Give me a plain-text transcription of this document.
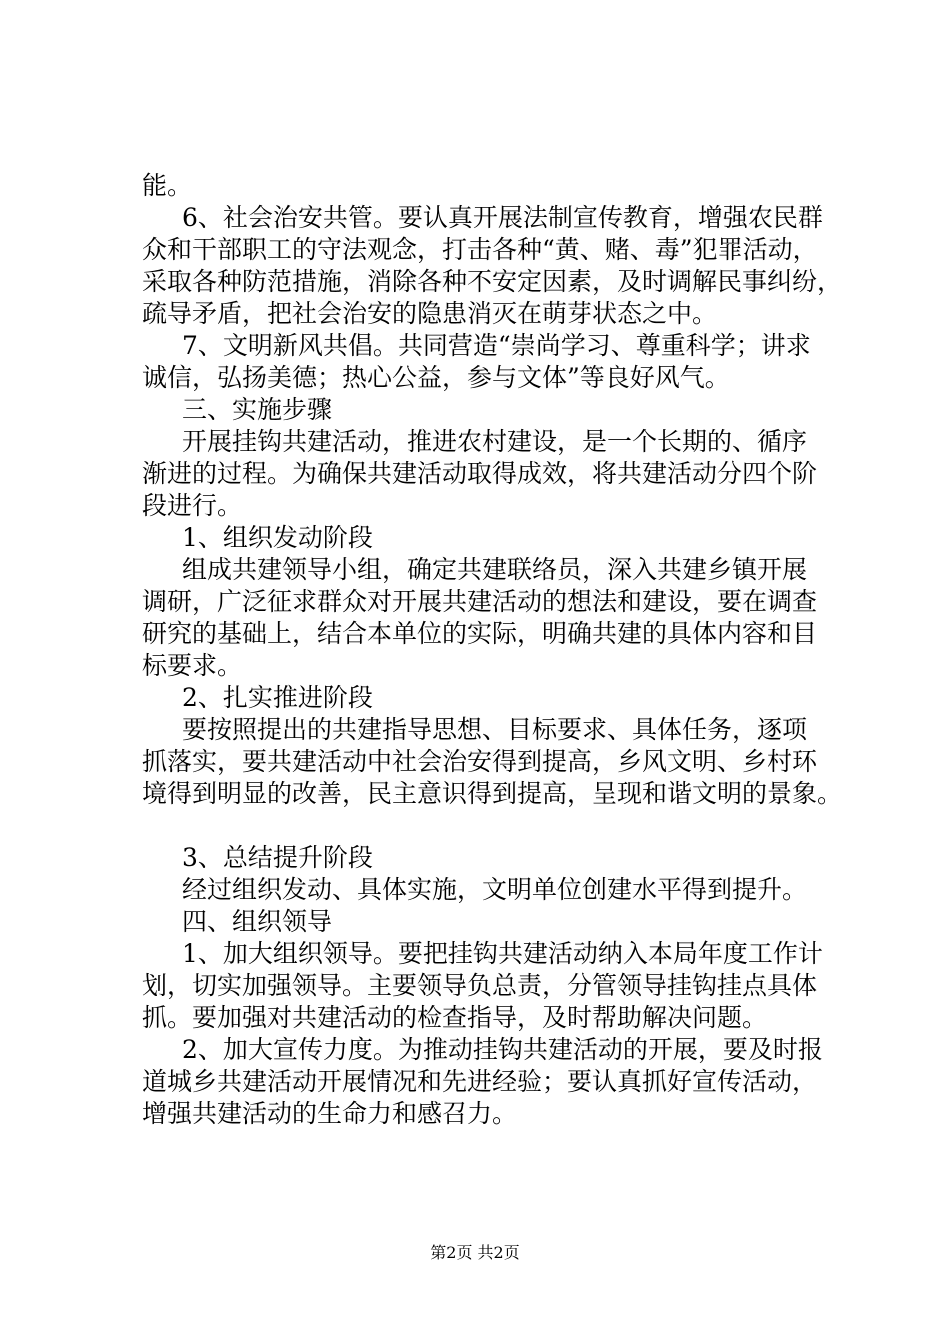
能。
6、社会治安共管。要认真开展法制宣传教育，增强农民群
众和干部职工的守法观念，打击各种“黄、赌、毒”犯罪活动，
采取各种防范措施，消除各种不安定因素，及时调解民事纠纷，
疏导矛盾，把社会治安的隐患消灭在萌芽状态之中。
7、文明新风共倡。共同营造“崇尚学习、尊重科学；讲求
诚信，弘扬美德；热心公益，参与文体”等良好风气。
三、实施步骤
开展挂钩共建活动，推进农村建设，是一个长期的、循序
渐进的过程。为确保共建活动取得成效，将共建活动分四个阶
段进行。
1、组织发动阶段
组成共建领导小组，确定共建联络员，深入共建乡镇开展
调研，广泛征求群众对开展共建活动的想法和建设，要在调查
研究的基础上，结合本单位的实际，明确共建的具体内容和目
标要求。
2、扎实推进阶段
要按照提出的共建指导思想、目标要求、具体任务，逐项
抓落实，要共建活动中社会治安得到提高，乡风文明、乡村环
境得到明显的改善，民主意识得到提高，呈现和谐文明的景象。
3、总结提升阶段
经过组织发动、具体实施，文明单位创建水平得到提升。
四、组织领导
1、加大组织领导。要把挂钩共建活动纳入本局年度工作计
划，切实加强领导。主要领导负总责，分管领导挂钩挂点具体
抓。要加强对共建活动的检查指导，及时帮助解决问题。
2、加大宣传力度。为推动挂钩共建活动的开展，要及时报
道城乡共建活动开展情况和先进经验；要认真抓好宣传活动，
增强共建活动的生命力和感召力。
第2页 共2页
